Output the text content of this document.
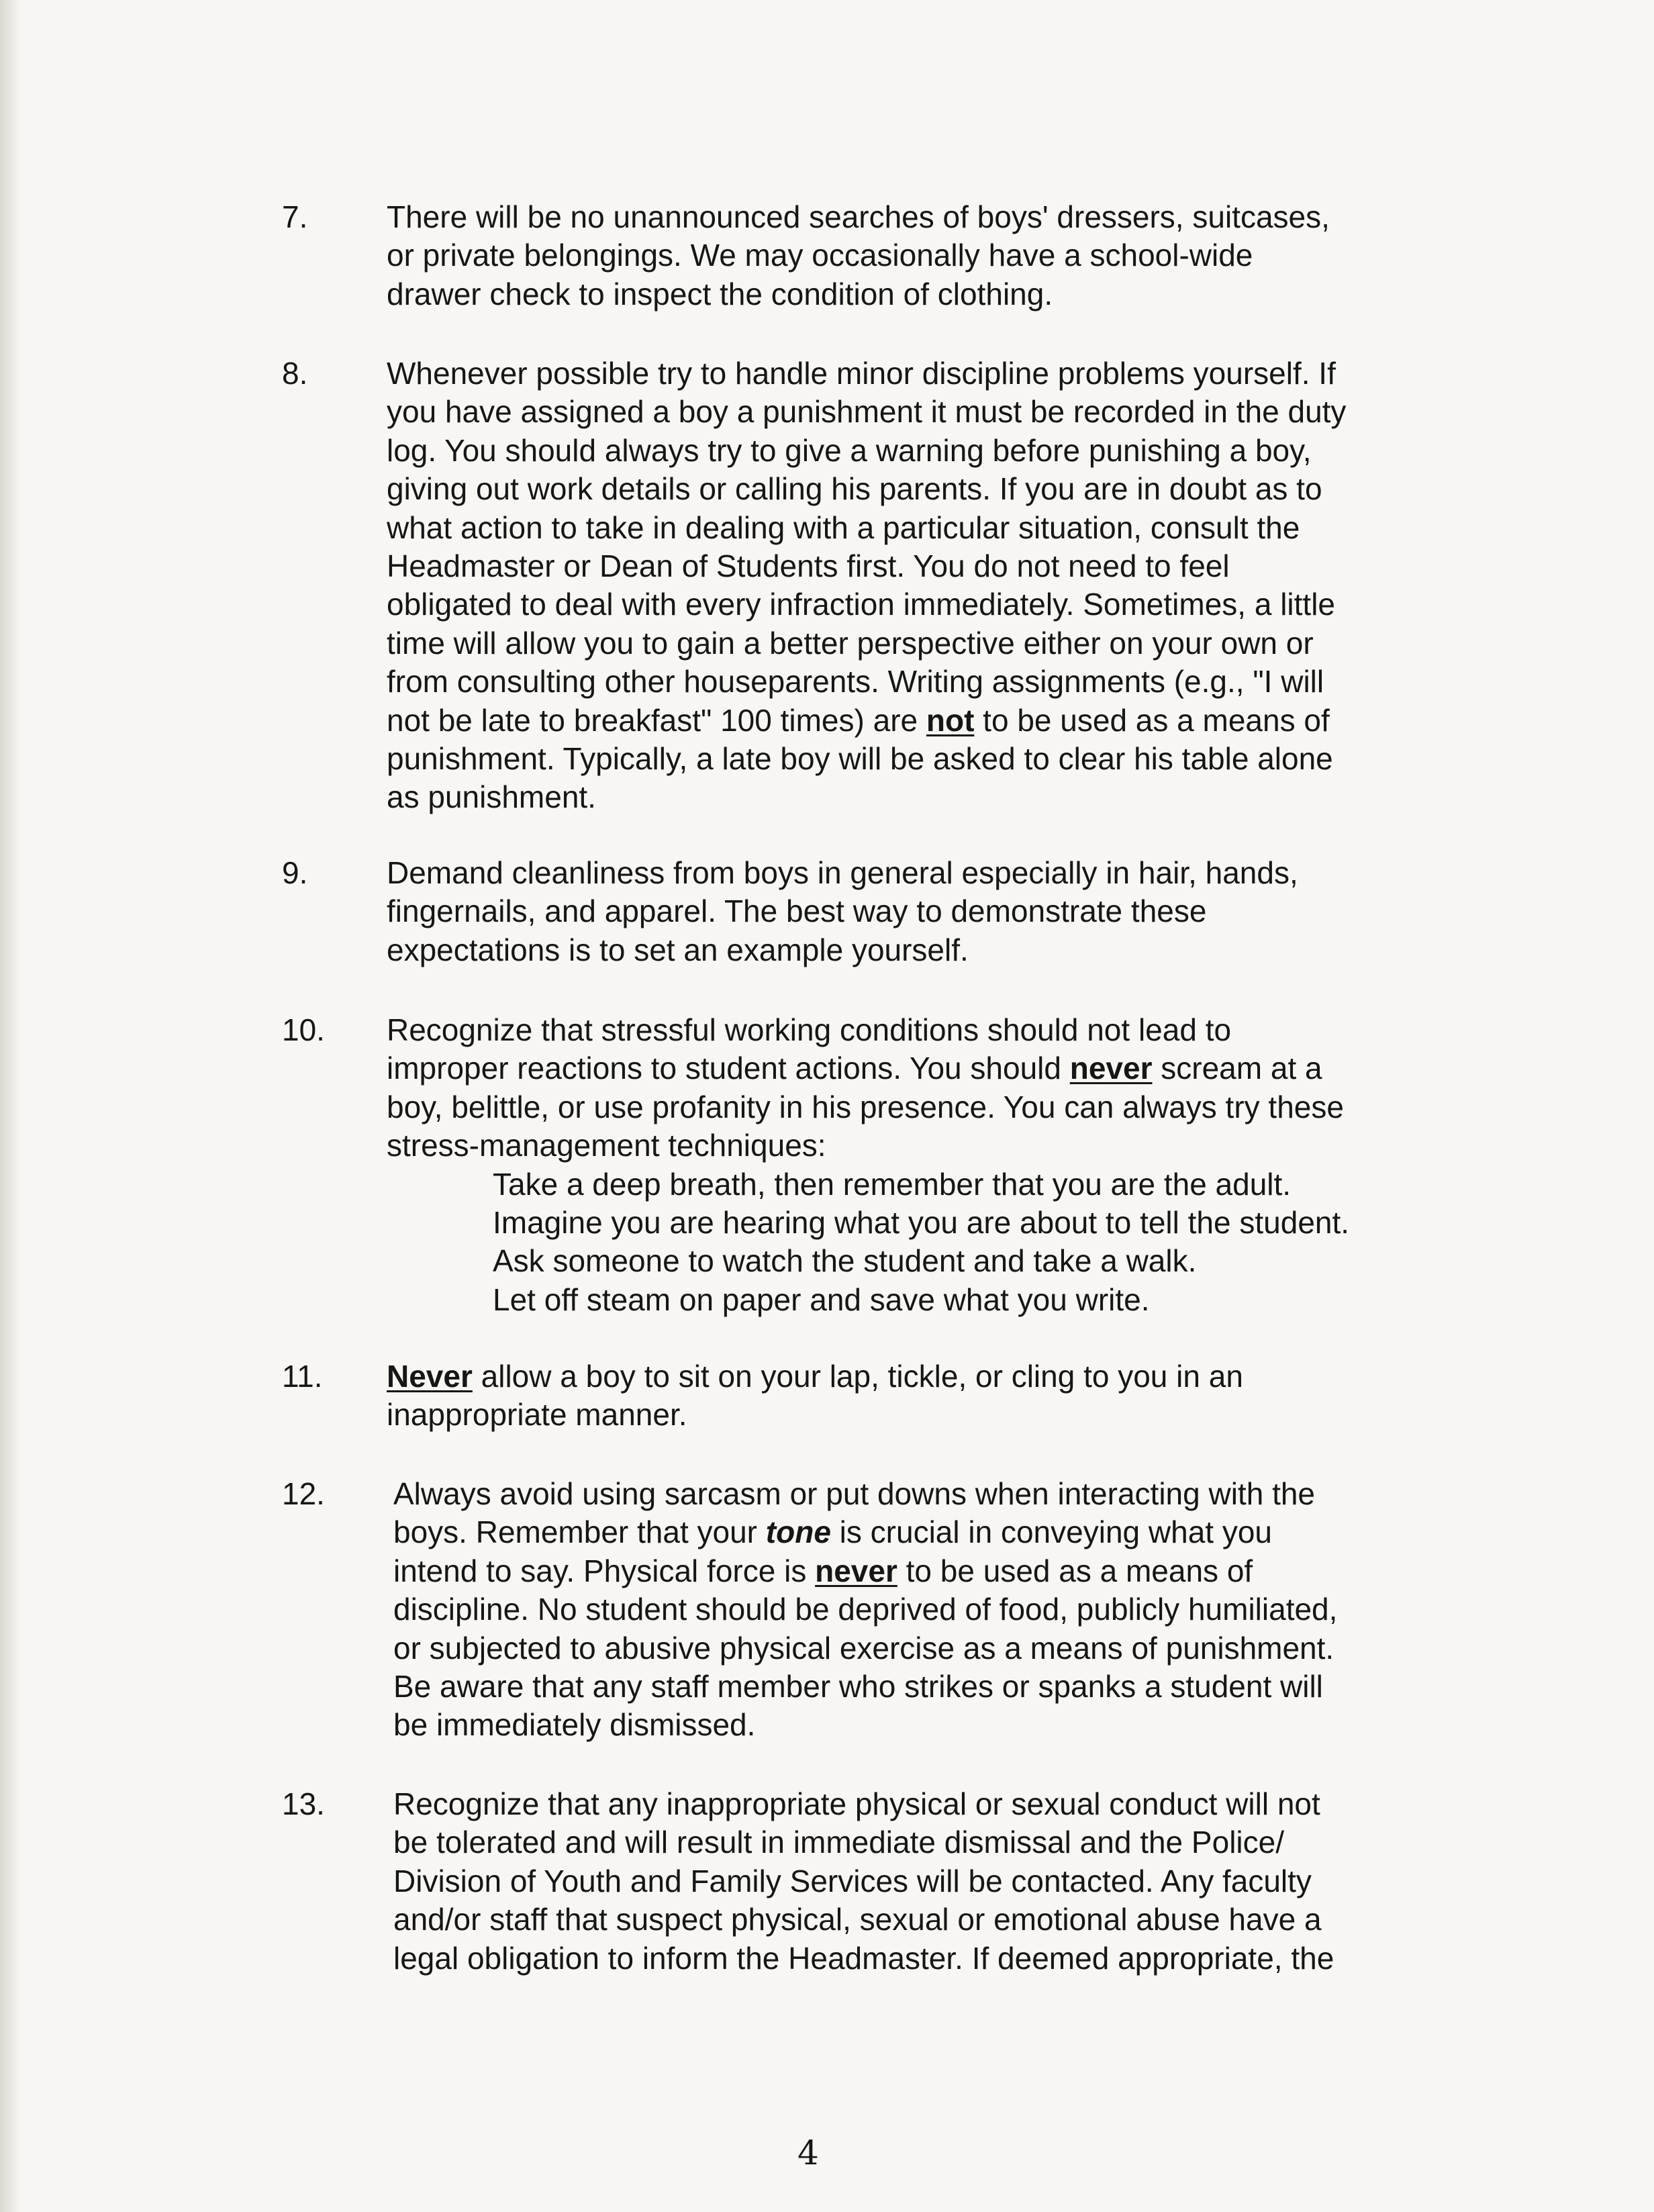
7.	There will be no unannounced searches of boys' dressers, suitcases,
or private belongings. We may occasionally have a school-wide
drawer check to inspect the condition of clothing.
8.	Whenever possible try to handle minor discipline problems yourself. If
you have assigned a boy a punishment it must be recorded in the duty
log. You should always try to give a warning before punishing a boy,
giving out work details or calling his parents. If you are in doubt as to
what action to take in dealing with a particular situation, consult the
Headmaster or Dean of Students first. You do not need to feel
obligated to deal with every infraction immediately. Sometimes, a little
time will allow you to gain a better perspective either on your own or
from consulting other houseparents. Writing assignments (e.g., "I will
not be late to breakfast" 100 times) are not to be used as a means of
punishment. Typically, a late boy will be asked to clear his table alone
as punishment.
9.	Demand cleanliness from boys in general especially in hair, hands,
fingernails, and apparel. The best way to demonstrate these
expectations is to set an example yourself.
10. Recognize that stressful working conditions should not lead to
improper reactions to student actions. You should never scream at a
boy, belittle, or use profanity in his presence. You can always try these
stress-management techniques:
Take a deep breath, then remember that you are the adult.
Imagine you are hearing what you are about to tell the student.
Ask someone to watch the student and take a walk.
Let off steam on paper and save what you write.
11. Never allow a boy to sit on your lap, tickle, or cling to you in an
inappropriate manner.
12. Always avoid using sarcasm or put downs when interacting with the
boys. Remember that your tone is crucial in conveying what you
intend to say. Physical force is never to be used as a means of
discipline. No student should be deprived of food, publicly humiliated,
or subjected to abusive physical exercise as a means of punishment.
Be aware that any staff member who strikes or spanks a student will
be immediately dismissed.
13. Recognize that any inappropriate physical or sexual conduct will not
be tolerated and will result in immediate dismissal and the Police/
Division of Youth and Family Services will be contacted. Any faculty
and/or staff that suspect physical, sexual or emotional abuse have a
legal obligation to inform the Headmaster. If deemed appropriate, the
4
